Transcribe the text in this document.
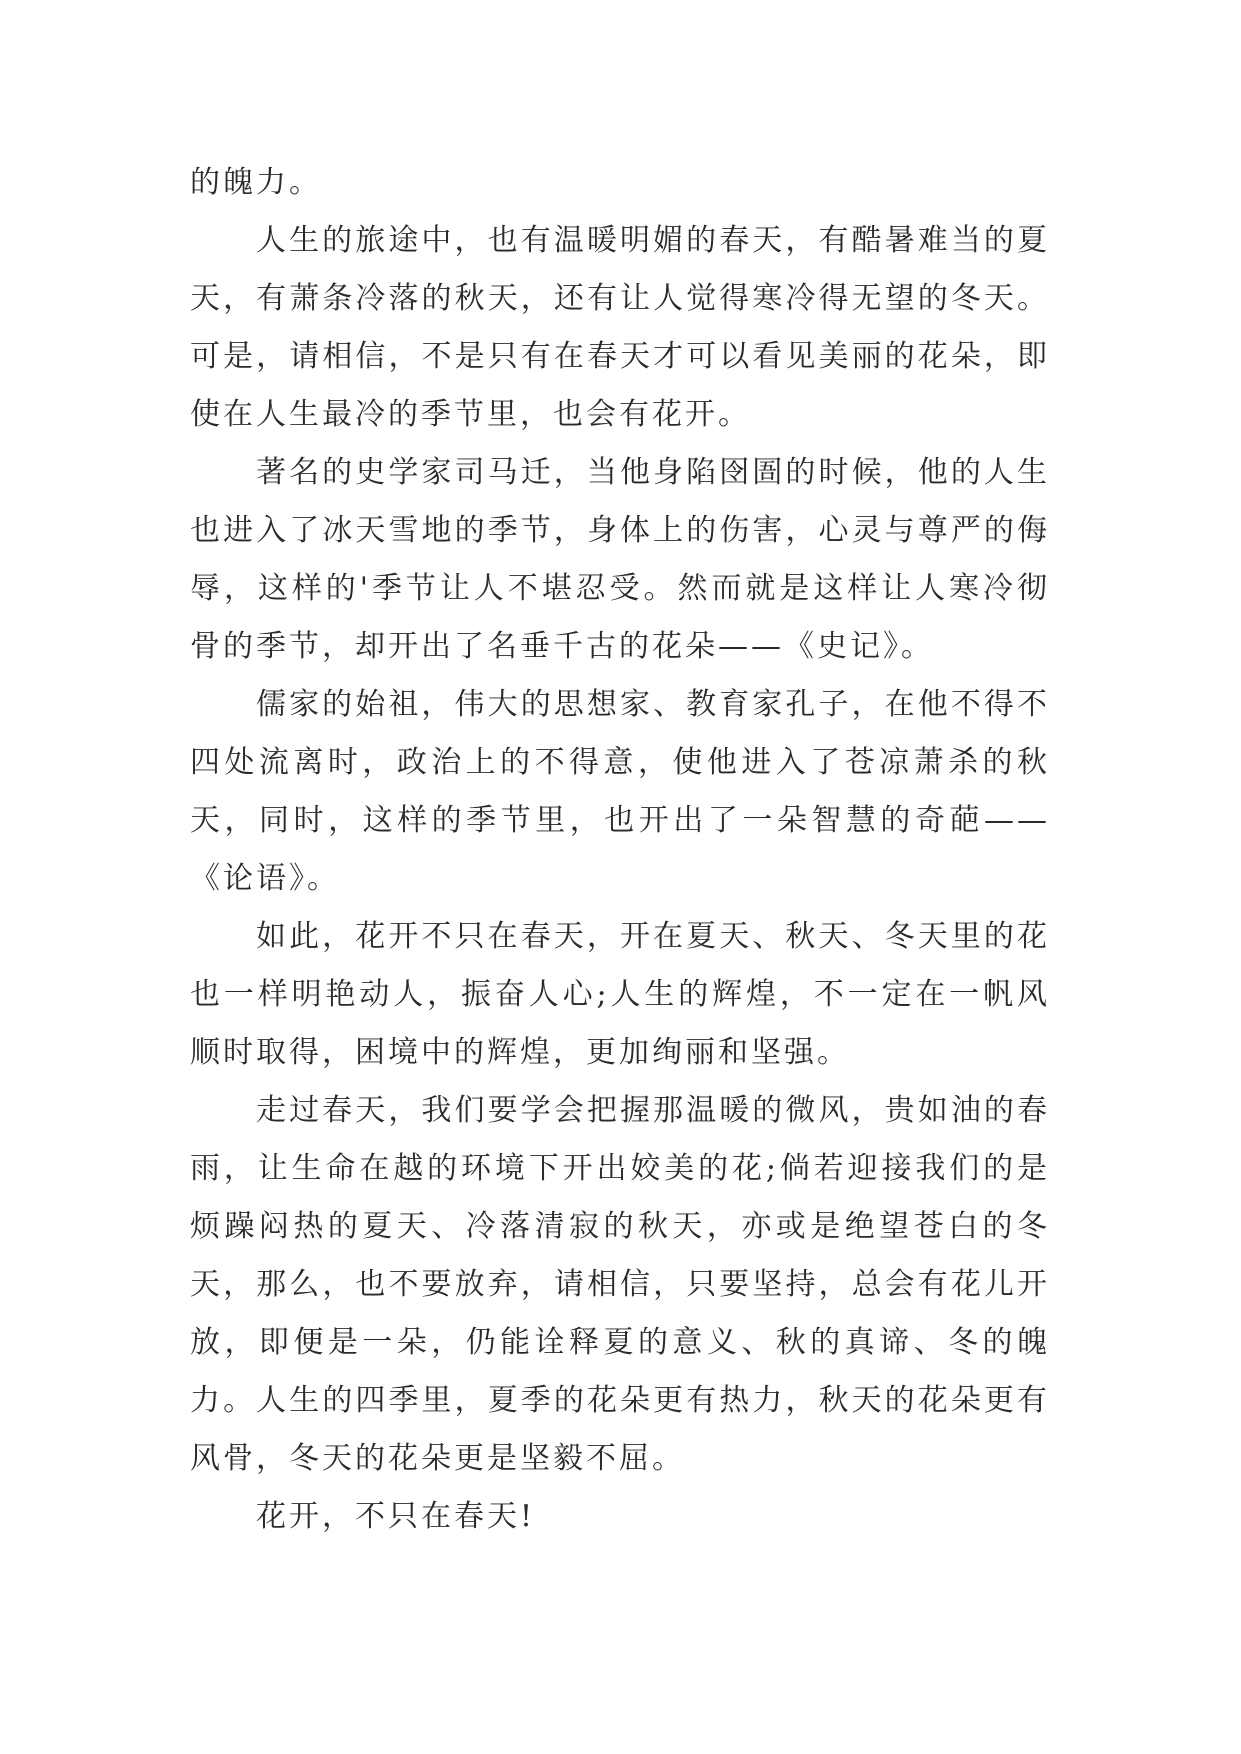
的魄力。

人生的旅途中，也有温暖明媚的春天，有酷暑难当的夏天，有萧条冷落的秋天，还有让人觉得寒冷得无望的冬天。可是，请相信，不是只有在春天才可以看见美丽的花朵，即使在人生最冷的季节里，也会有花开。

著名的史学家司马迁，当他身陷囹圄的时候，他的人生也进入了冰天雪地的季节，身体上的伤害，心灵与尊严的侮辱，这样的'季节让人不堪忍受。然而就是这样让人寒冷彻骨的季节，却开出了名垂千古的花朵——《史记》。

儒家的始祖，伟大的思想家、教育家孔子，在他不得不四处流离时，政治上的不得意，使他进入了苍凉萧杀的秋天，同时，这样的季节里，也开出了一朵智慧的奇葩——《论语》。

如此，花开不只在春天，开在夏天、秋天、冬天里的花也一样明艳动人，振奋人心;人生的辉煌，不一定在一帆风顺时取得，困境中的辉煌，更加绚丽和坚强。

走过春天，我们要学会把握那温暖的微风，贵如油的春雨，让生命在越的环境下开出姣美的花;倘若迎接我们的是烦躁闷热的夏天、冷落清寂的秋天，亦或是绝望苍白的冬天，那么，也不要放弃，请相信，只要坚持，总会有花儿开放，即便是一朵，仍能诠释夏的意义、秋的真谛、冬的魄力。人生的四季里，夏季的花朵更有热力，秋天的花朵更有风骨，冬天的花朵更是坚毅不屈。

花开，不只在春天!
